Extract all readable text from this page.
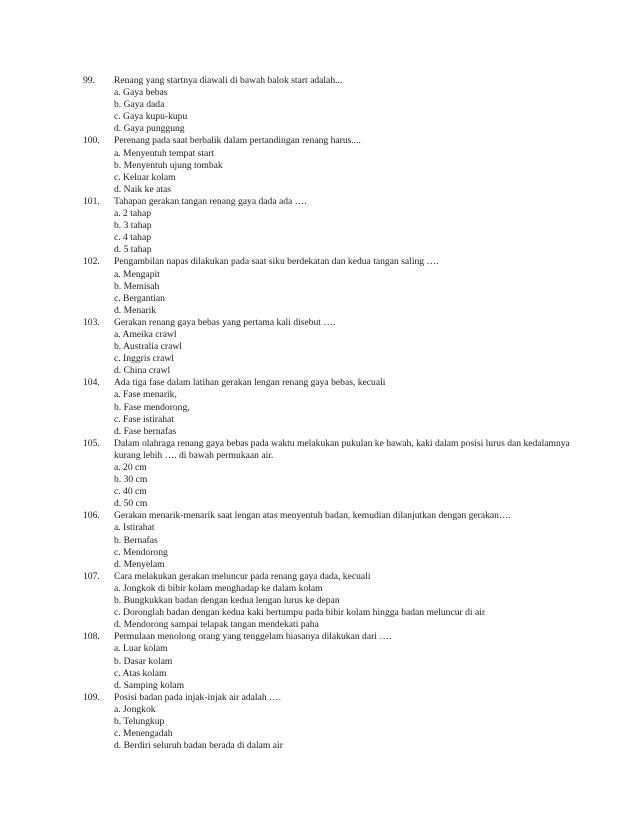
99.	Renang yang startnya diawali di bawah balok start adalah...
a. Gaya bebas
b. Gaya dada
c. Gaya kupu-kupu
d. Gaya punggung
100.	Perenang pada saat berbalik dalam pertandingan renang harus....
a. Menyentuh tempat start
b. Menyentuh ujung tombak
c. Keluar kolam
d. Naik ke atas
101.	Tahapan gerakan tangan renang gaya dada ada ….
a. 2 tahap
b. 3 tahap
c. 4 tahap
d. 5 tahap
102.	Pengambilan napas dilakukan pada saat siku berdekatan dan kedua tangan saling ….
a. Mengapit
b. Memisah
c. Bergantian
d. Menarik
103.	Gerakan renang gaya bebas yang pertama kali disebut ….
a. Ameika crawl
b. Australia crawl
c. Inggris crawl
d. China crawl
104.	Ada tiga fase dalam latihan gerakan lengan renang gaya bebas, kecuali
a. Fase menarik,
b. Fase mendorong,
c. Fase istirahat
d. Fase bernafas
105.	Dalam olahraga renang gaya bebas pada waktu melakukan pukulan ke bawah, kaki dalam posisi lurus dan kedalamnya kurang lebih …. di bawah permukaan air.
a. 20 cm
b. 30 cm
c. 40 cm
d. 50 cm
106.	Gerakan menarik-menarik saat lengan atas menyentuh badan, kemudian dilanjutkan dengan gerakan….
a. Istirahat
b. Bernafas
c. Mendorong
d. Menyelam
107.	Cara melakukan gerakan meluncur pada renang gaya dada, kecuali
a. Jongkok di bibir kolam menghadap ke dalam kolam
b. Bungkukkan badan dengan kedua lengan lurus ke depan
c. Doronglah badan dengan kedua kaki bertumpu pada bibir kolam hingga badan meluncur di air
d. Mendorong sampai telapak tangan mendekati paha
108.	Permulaan menolong orang yang tenggelam biasanya dilakukan dari ….
a. Luar kolam
b. Dasar kolam
c. Atas kolam
d. Samping kolam
109.	Posisi badan pada injak-injak air adalah ….
a. Jongkok
b. Telungkup
c. Menengadah
d. Berdiri seluruh badan berada di dalam air
